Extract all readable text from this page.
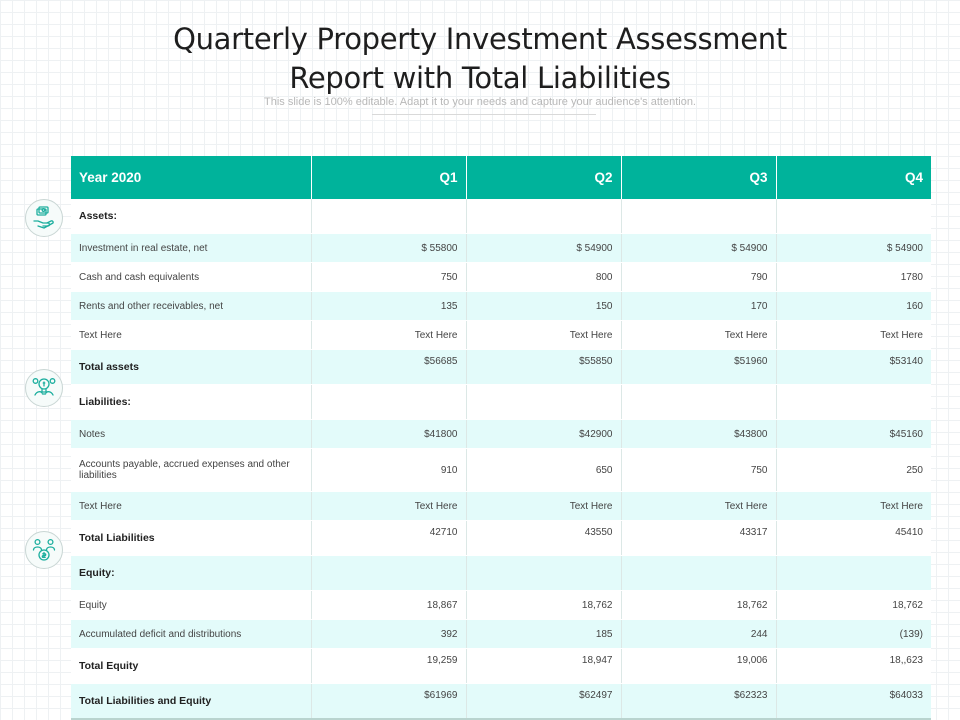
Quarterly Property Investment Assessment
Report with Total Liabilities
This slide is 100% editable. Adapt it to your needs and capture your audience's attention.
Year 2020	Q1	Q2	Q3	Q4
Assets:				
Investment in real estate, net	$ 55800	$ 54900	$ 54900	$ 54900
Cash and cash equivalents	750	800	790	1780
Rents and other receivables, net	135	150	170	160
Text Here	Text Here	Text Here	Text Here	Text Here
Total assets	$56685	$55850	$51960	$53140
Liabilities:				
Notes	$41800	$42900	$43800	$45160
Accounts payable, accrued expenses and other liabilities	910	650	750	250
Text Here	Text Here	Text Here	Text Here	Text Here
Total Liabilities	42710	43550	43317	45410
Equity:				
Equity	18,867	18,762	18,762	18,762
Accumulated deficit and distributions	392	185	244	(139)
Total Equity	19,259	18,947	19,006	18,,623
Total Liabilities and Equity	$61969	$62497	$62323	$64033
